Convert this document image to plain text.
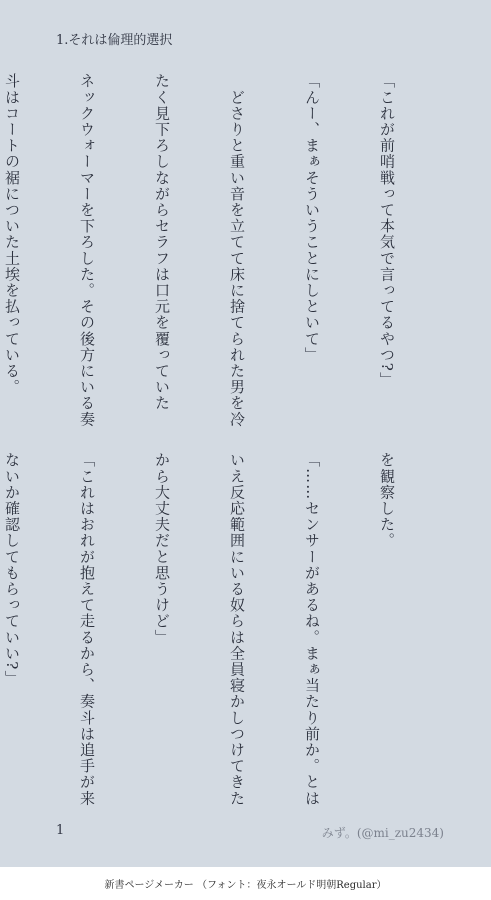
1.それは倫理的選択

「これが前哨戦って本気で言ってるやつ?」

「んー、まぁそういうことにしといて」

　どさりと重い音を立てて床に捨てられた男を冷

たく見下ろしながらセラフは口元を覆っていた

ネックウォーマーを下ろした。その後方にいる奏

斗はコートの裾についた土埃を払っている。

を観察した。

「……センサーがあるね。まぁ当たり前か。とは

いえ反応範囲にいる奴らは全員寝かしつけてきた

から大丈夫だと思うけど」

「これはおれが抱えて走るから、奏斗は追手が来

ないか確認してもらっていい?」

1	みず。(@mi_zu2434)
新書ページメーカー （フォント：夜永オールド明朝Regular）
